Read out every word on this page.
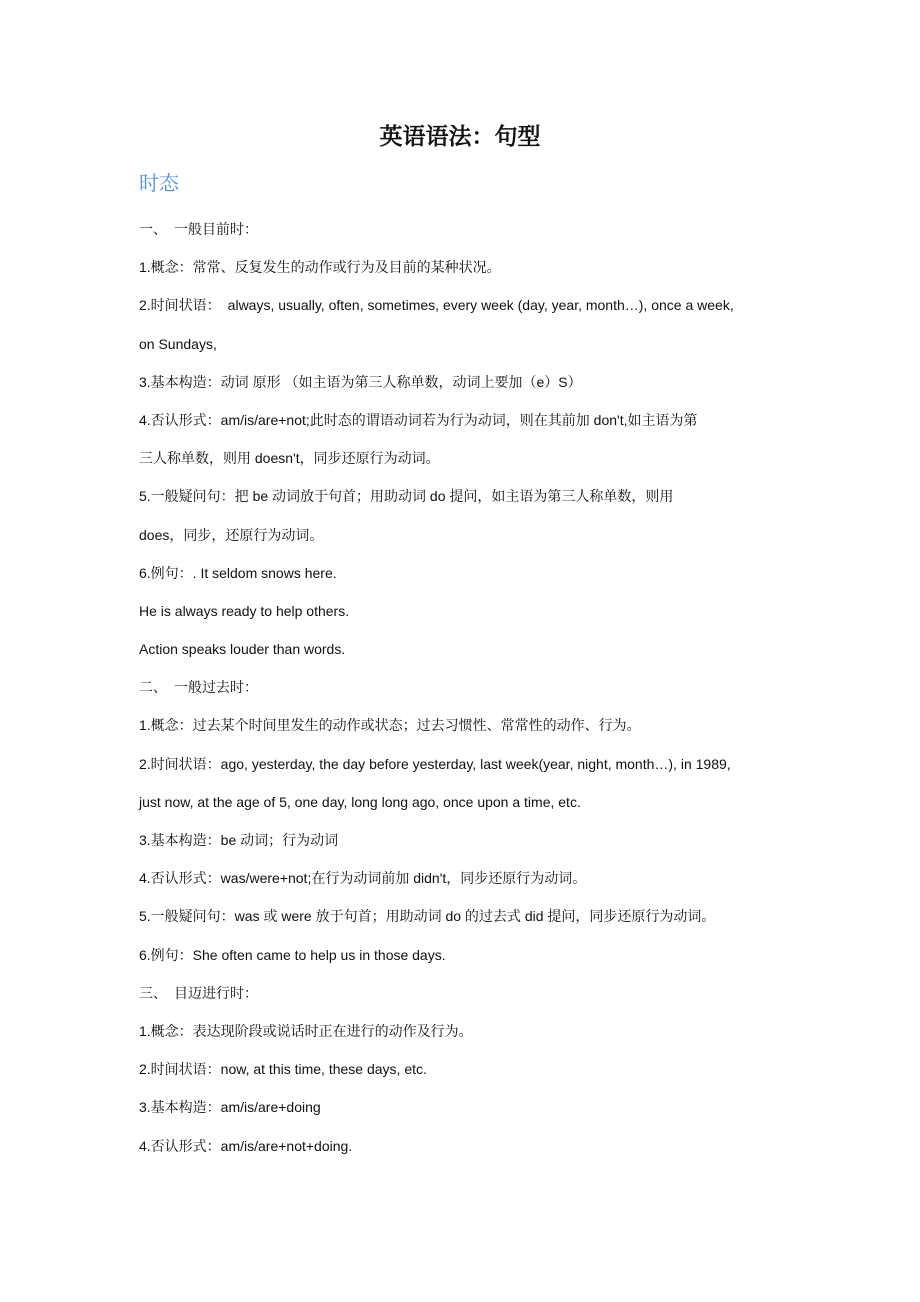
英语语法：句型
时态
一、　一般目前时：
1.概念：常常、反复发生的动作或行为及目前的某种状况。
2.时间状语：　always, usually, often, sometimes, every week (day, year, month…), once a week,
on Sundays,
3.基本构造：动词 原形 （如主语为第三人称单数，动词上要加（e）S）
4.否认形式：am/is/are+not;此时态的谓语动词若为行为动词，则在其前加 don't,如主语为第
三人称单数，则用 doesn't，同步还原行为动词。
5.一般疑问句：把 be 动词放于句首；用助动词 do 提问，如主语为第三人称单数，则用
does，同步，还原行为动词。
6.例句：. It seldom snows here.
He is always ready to help others.
Action speaks louder than words.
二、　一般过去时：
1.概念：过去某个时间里发生的动作或状态；过去习惯性、常常性的动作、行为。
2.时间状语：ago, yesterday, the day before yesterday, last week(year, night, month…), in 1989,
just now, at the age of 5, one day, long long ago, once upon a time, etc.
3.基本构造：be 动词；行为动词
4.否认形式：was/were+not;在行为动词前加 didn't，同步还原行为动词。
5.一般疑问句：was 或 were 放于句首；用助动词 do 的过去式 did 提问，同步还原行为动词。
6.例句：She often came to help us in those days.
三、　目迈进行时：
1.概念：表达现阶段或说话时正在进行的动作及行为。
2.时间状语：now, at this time, these days, etc.
3.基本构造：am/is/are+doing
4.否认形式：am/is/are+not+doing.
